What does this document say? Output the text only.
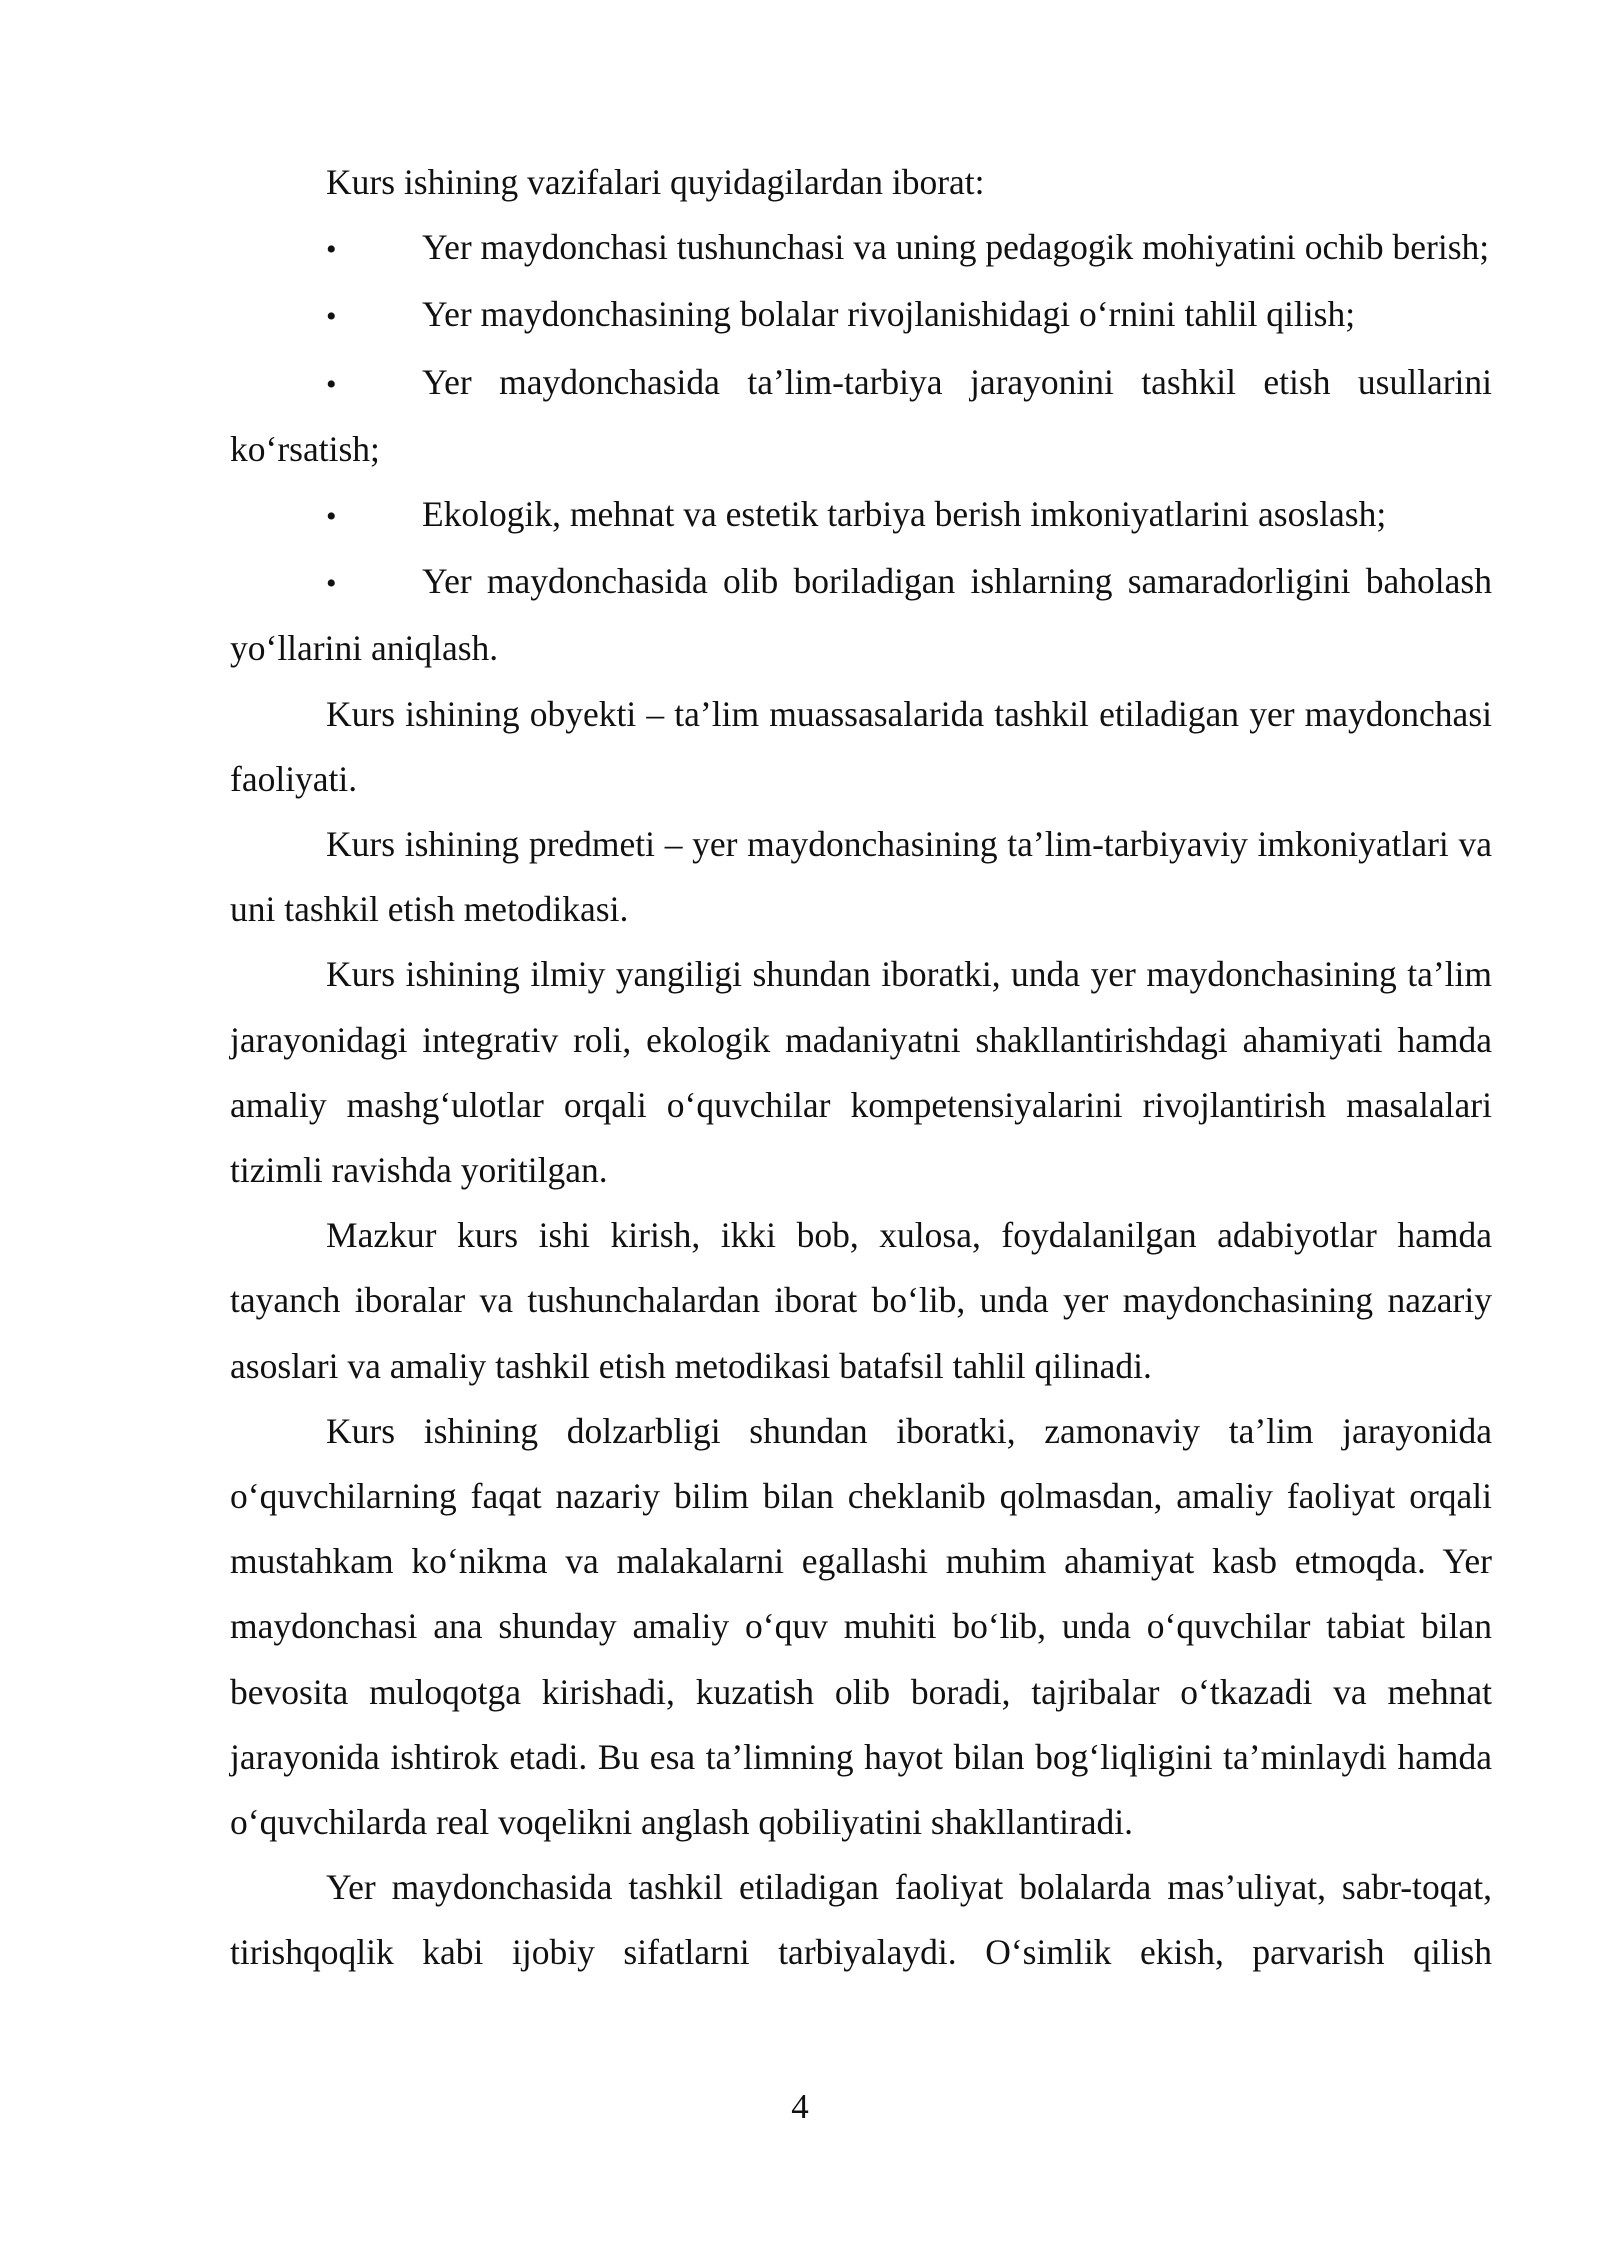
Kurs ishining vazifalari quyidagilardan iborat:

• Yer maydonchasi tushunchasi va uning pedagogik mohiyatini ochib berish;

• Yer maydonchasining bolalar rivojlanishidagi o‘rnini tahlil qilish;

• Yer maydonchasida ta’lim-tarbiya jarayonini tashkil etish usullarini ko‘rsatish;

• Ekologik, mehnat va estetik tarbiya berish imkoniyatlarini asoslash;

• Yer maydonchasida olib boriladigan ishlarning samaradorligini baholash yo‘llarini aniqlash.

Kurs ishining obyekti – ta’lim muassasalarida tashkil etiladigan yer maydonchasi faoliyati.

Kurs ishining predmeti – yer maydonchasining ta’lim-tarbiyaviy imkoniyatlari va uni tashkil etish metodikasi.

Kurs ishining ilmiy yangiligi shundan iboratki, unda yer maydonchasining ta’lim jarayonidagi integrativ roli, ekologik madaniyatni shakllantirishdagi ahamiyati hamda amaliy mashg‘ulotlar orqali o‘quvchilar kompetensiyalarini rivojlantirish masalalari tizimli ravishda yoritilgan.

Mazkur kurs ishi kirish, ikki bob, xulosa, foydalanilgan adabiyotlar hamda tayanch iboralar va tushunchalardan iborat bo‘lib, unda yer maydonchasining nazariy asoslari va amaliy tashkil etish metodikasi batafsil tahlil qilinadi.

Kurs ishining dolzarbligi shundan iboratki, zamonaviy ta’lim jarayonida o‘quvchilarning faqat nazariy bilim bilan cheklanib qolmasdan, amaliy faoliyat orqali mustahkam ko‘nikma va malakalarni egallashi muhim ahamiyat kasb etmoqda. Yer maydonchasi ana shunday amaliy o‘quv muhiti bo‘lib, unda o‘quvchilar tabiat bilan bevosita muloqotga kirishadi, kuzatish olib boradi, tajribalar o‘tkazadi va mehnat jarayonida ishtirok etadi. Bu esa ta’limning hayot bilan bog‘liqligini ta’minlaydi hamda o‘quvchilarda real voqelikni anglash qobiliyatini shakllantiradi.

Yer maydonchasida tashkil etiladigan faoliyat bolalarda mas’uliyat, sabr-toqat, tirishqoqlik kabi ijobiy sifatlarni tarbiyalaydi. O‘simlik ekish, parvarish qilish

4
